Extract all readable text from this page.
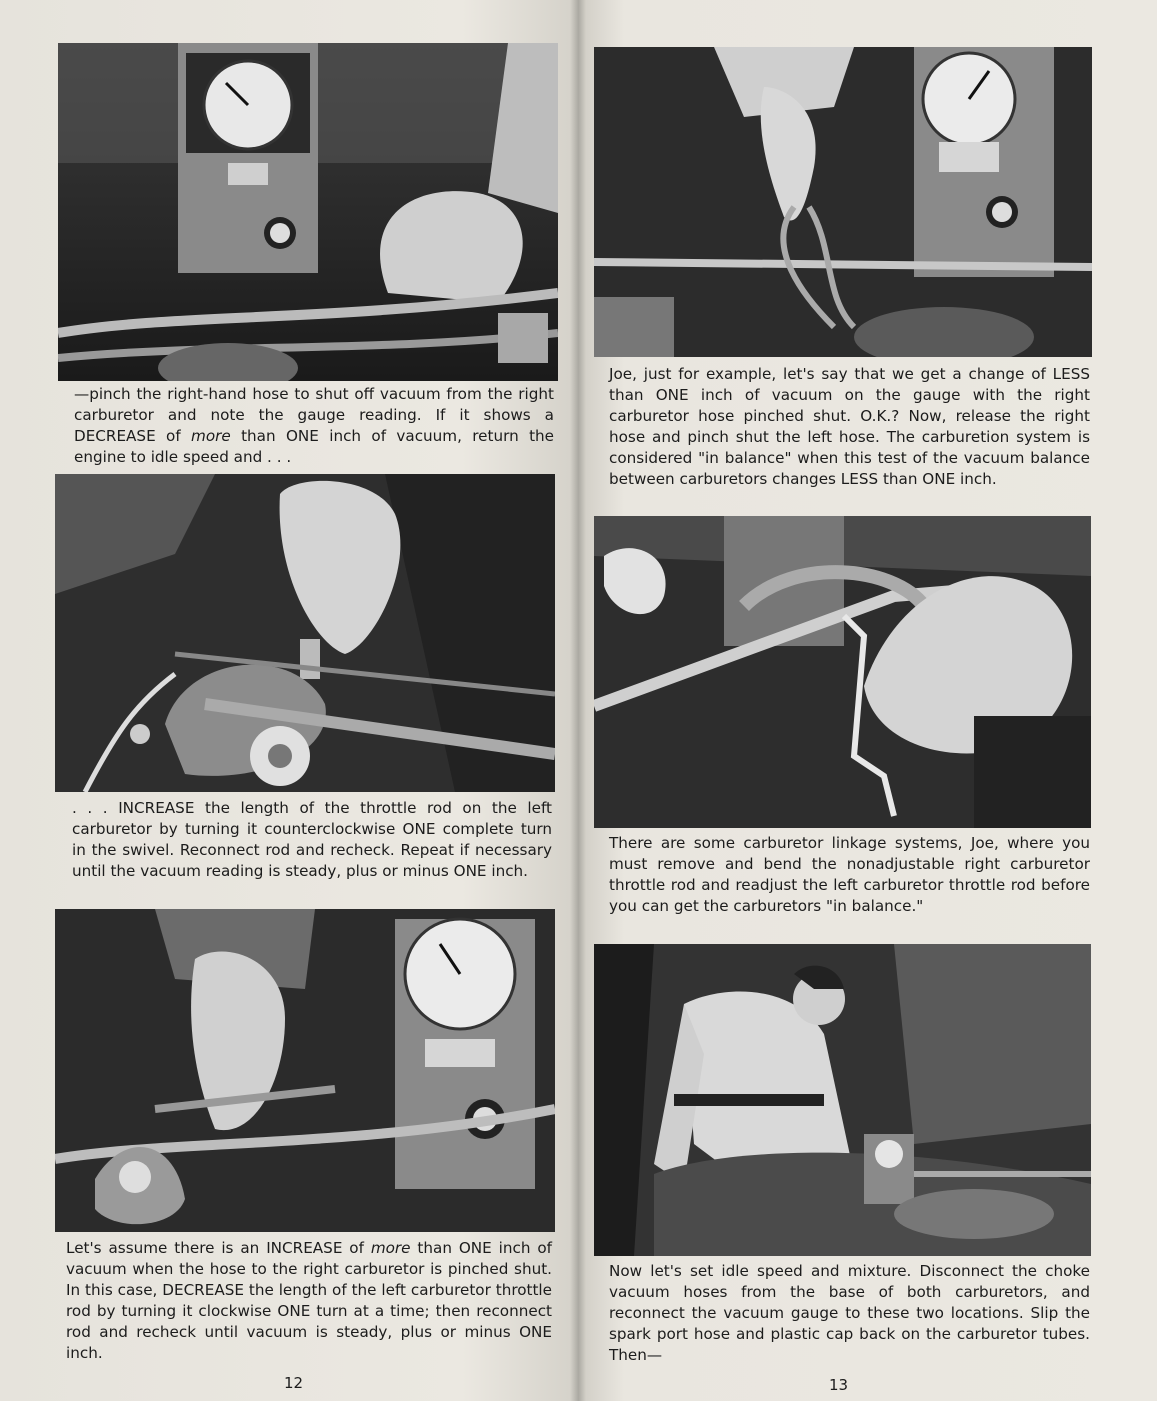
—pinch the right-hand hose to shut off vacuum from the right carburetor and note the gauge reading. If it shows a DECREASE of more than ONE inch of vacuum, return the engine to idle speed and . . .

. . . INCREASE the length of the throttle rod on the left carburetor by turning it counterclockwise ONE complete turn in the swivel. Reconnect rod and recheck. Repeat if necessary until the vacuum reading is steady, plus or minus ONE inch.

Let's assume there is an INCREASE of more than ONE inch of vacuum when the hose to the right carburetor is pinched shut. In this case, DECREASE the length of the left carburetor throttle rod by turning it clockwise ONE turn at a time; then reconnect rod and recheck until vacuum is steady, plus or minus ONE inch.

12

Joe, just for example, let's say that we get a change of LESS than ONE inch of vacuum on the gauge with the right carburetor hose pinched shut. O.K.? Now, release the right hose and pinch shut the left hose. The carburetion system is considered "in balance" when this test of the vacuum balance between carburetors changes LESS than ONE inch.

There are some carburetor linkage systems, Joe, where you must remove and bend the nonadjustable right carburetor throttle rod and readjust the left carburetor throttle rod before you can get the carburetors "in balance."

Now let's set idle speed and mixture. Disconnect the choke vacuum hoses from the base of both carburetors, and reconnect the vacuum gauge to these two locations. Slip the spark port hose and plastic cap back on the carburetor tubes. Then—

13
